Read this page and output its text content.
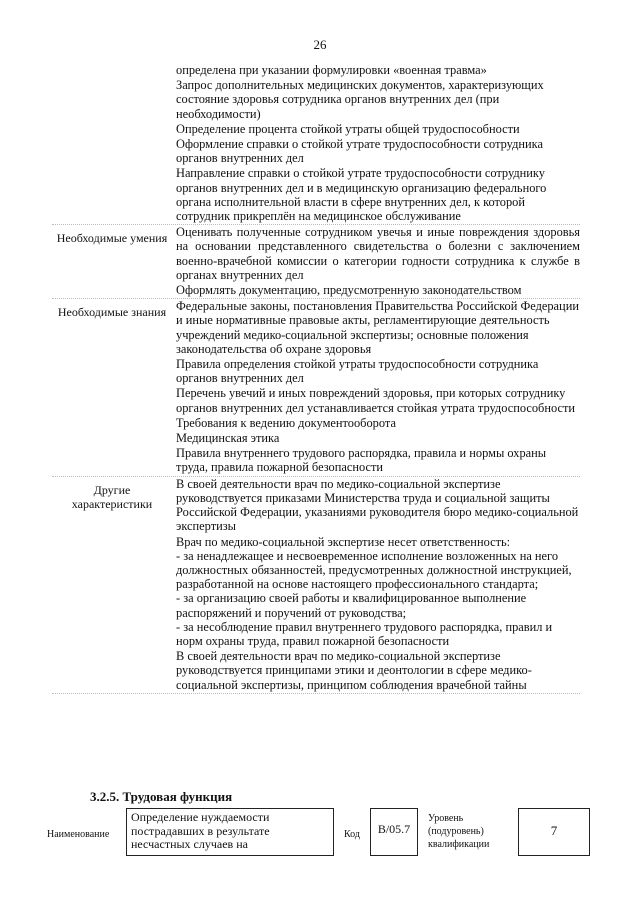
26
определена при указании формулировки «военная травма»
Запрос дополнительных медицинских документов, характеризующих состояние здоровья сотрудника органов внутренних дел (при необходимости)
Определение процента стойкой утраты общей трудоспособности
Оформление справки о стойкой утрате трудоспособности сотрудника органов внутренних дел
Направление справки о стойкой утрате трудоспособности сотруднику органов внутренних дел и в медицинскую организацию федерального органа исполнительной власти в сфере внутренних дел, к которой сотрудник прикреплён на медицинское обслуживание
Необходимые умения Оценивать полученные сотрудником увечья и иные повреждения здоровья на основании представленного свидетельства о болезни с заключением военно-врачебной комиссии о категории годности сотрудника к службе в органах внутренних дел
Оформлять документацию, предусмотренную законодательством
Необходимые знания Федеральные законы, постановления Правительства Российской Федерации и иные нормативные правовые акты, регламентирующие деятельность учреждений медико-социальной экспертизы; основные положения законодательства об охране здоровья
Правила определения стойкой утраты трудоспособности сотрудника органов внутренних дел
Перечень увечий и иных повреждений здоровья, при которых сотруднику органов внутренних дел устанавливается стойкая утрата трудоспособности
Требования к ведению документооборота
Медицинская этика
Правила внутреннего трудового распорядка, правила и нормы охраны труда, правила пожарной безопасности
Другие характеристики
В своей деятельности врач по медико-социальной экспертизе руководствуется приказами Министерства труда и социальной защиты Российской Федерации, указаниями руководителя бюро медико-социальной экспертизы
Врач по медико-социальной экспертизе несет ответственность:
- за ненадлежащее и несвоевременное исполнение возложенных на него должностных обязанностей, предусмотренных должностной инструкцией, разработанной на основе настоящего профессионального стандарта;
- за организацию своей работы и квалифицированное выполнение распоряжений и поручений от руководства;
- за несоблюдение правил внутреннего трудового распорядка, правил и норм охраны труда, правил пожарной безопасности
В своей деятельности врач по медико-социальной экспертизе руководствуется принципами этики и деонтологии в сфере медико-социальной экспертизы, принципом соблюдения врачебной тайны
3.2.5. Трудовая функция
Наименование
Определение нуждаемости пострадавших в результате несчастных случаев на
Код	B/05.7
Уровень (подуровень) квалификации
7
